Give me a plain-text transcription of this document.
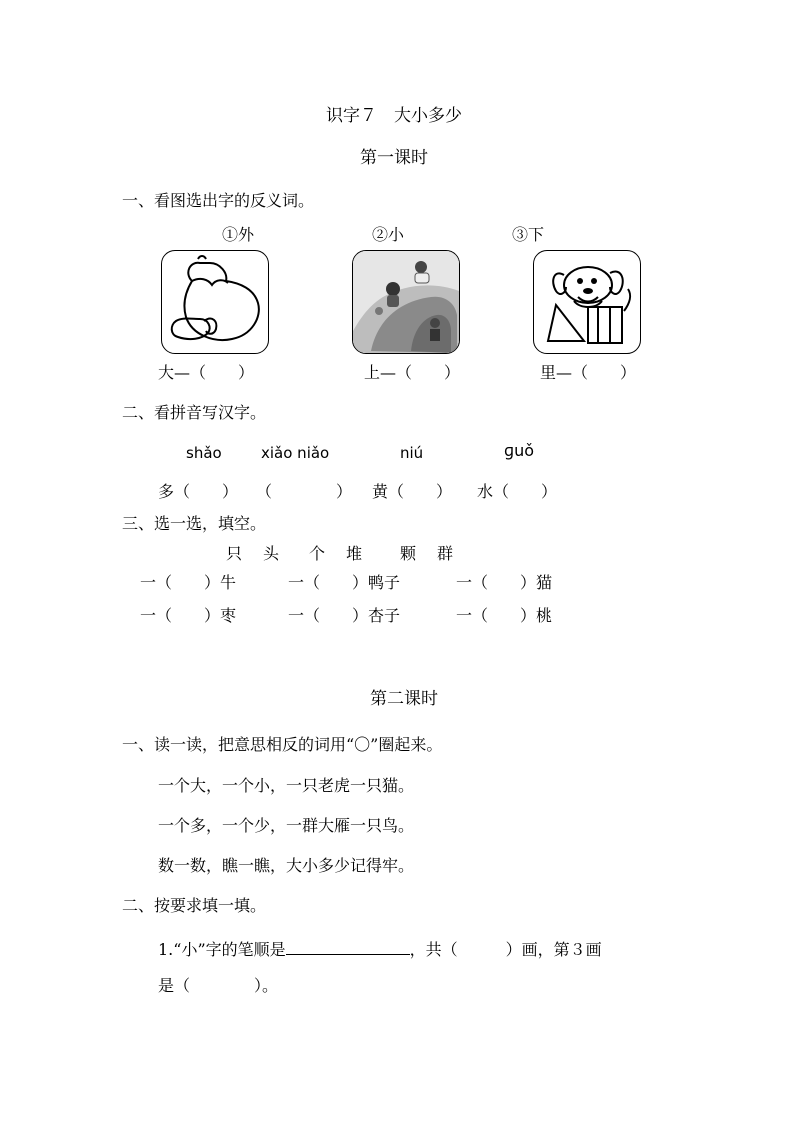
识字７　大小多少
第一课时
一、看图选出字的反义词。
①外	②小	③下
大—（　　）	上—（　　）	里—（　　）
二、看拼音写汉字。
shǎo	xiǎo niǎo	niú	ɡuǒ
多（　　） （　　　　） 黄（　　） 水（　　）
三、选一选，填空。
只 头 个 堆 颗 群
一（　　）牛	一（　　）鸭子	一（　　）猫
一（　　）枣	一（　　）杏子	一（　　）桃
第二课时
一、读一读，把意思相反的词用“〇”圈起来。
一个大，一个小，一只老虎一只猫。
一个多，一个少，一群大雁一只鸟。
数一数，瞧一瞧，大小多少记得牢。
二、按要求填一填。
1.“小”字的笔顺是	，共（　　　）画，第３画
是（　　　　）。
